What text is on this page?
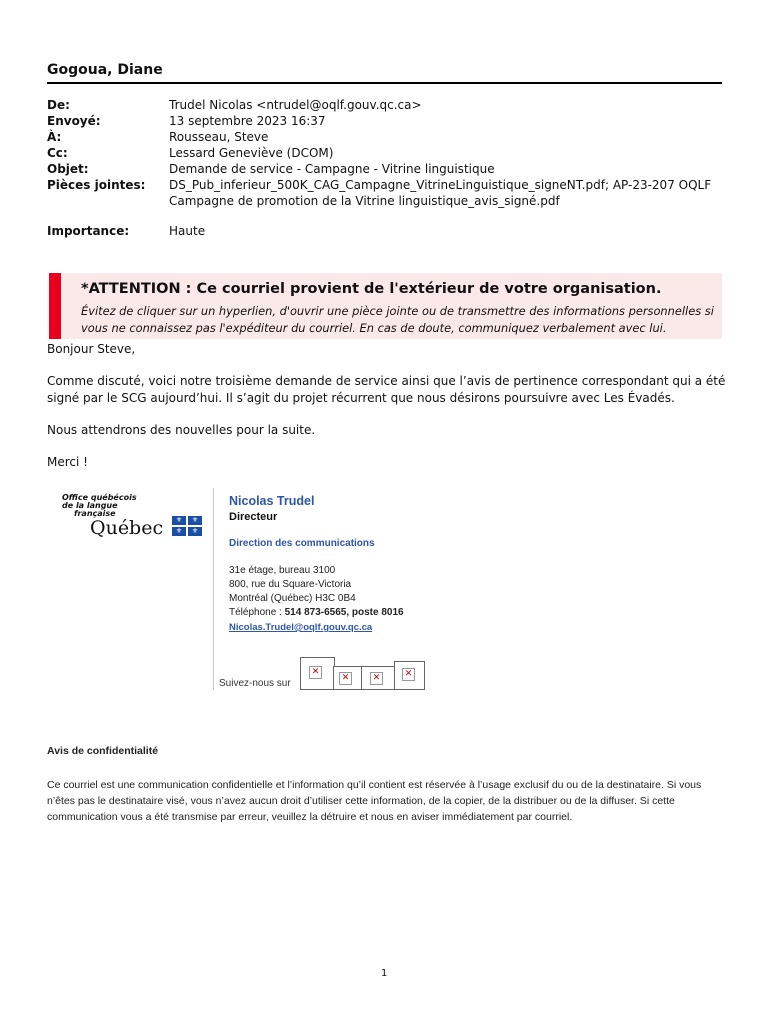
Gogoua, Diane
De:	Trudel Nicolas <ntrudel@oqlf.gouv.qc.ca>
Envoyé:	13 septembre 2023 16:37
À:	Rousseau, Steve
Cc:	Lessard Geneviève (DCOM)
Objet:	Demande de service - Campagne - Vitrine linguistique
Pièces jointes:	DS_Pub_inferieur_500K_CAG_Campagne_VitrineLinguistique_signeNT.pdf; AP-23-207 OQLF Campagne de promotion de la Vitrine linguistique_avis_signé.pdf
Importance:	Haute
*ATTENTION : Ce courriel provient de l'extérieur de votre organisation.
Évitez de cliquer sur un hyperlien, d'ouvrir une pièce jointe ou de transmettre des informations personnelles si vous ne connaissez pas l'expéditeur du courriel. En cas de doute, communiquez verbalement avec lui.

Bonjour Steve,

Comme discuté, voici notre troisième demande de service ainsi que l’avis de pertinence correspondant qui a été signé par le SCG aujourd’hui. Il s’agit du projet récurrent que nous désirons poursuivre avec Les Évadés.

Nous attendrons des nouvelles pour la suite.

Merci !

Office québécois
de la langue
française
Québec	⚜	⚜
⚜	⚜
Nicolas Trudel
Directeur
Direction des communications
31e étage, bureau 3100
800, rue du Square-Victoria
Montréal (Québec) H3C 0B4
Téléphone : 514 873-6565, poste 8016
Nicolas.Trudel@oqlf.gouv.qc.ca
Suivez-nous sur
✕
✕	✕	✕
Avis de confidentialité
Ce courriel est une communication confidentielle et l’information qu’il contient est réservée à l’usage exclusif du ou de la destinataire. Si vous n’êtes pas le destinataire visé, vous n’avez aucun droit d’utiliser cette information, de la copier, de la distribuer ou de la diffuser. Si cette communication vous a été transmise par erreur, veuillez la détruire et nous en aviser immédiatement par courriel.
1
